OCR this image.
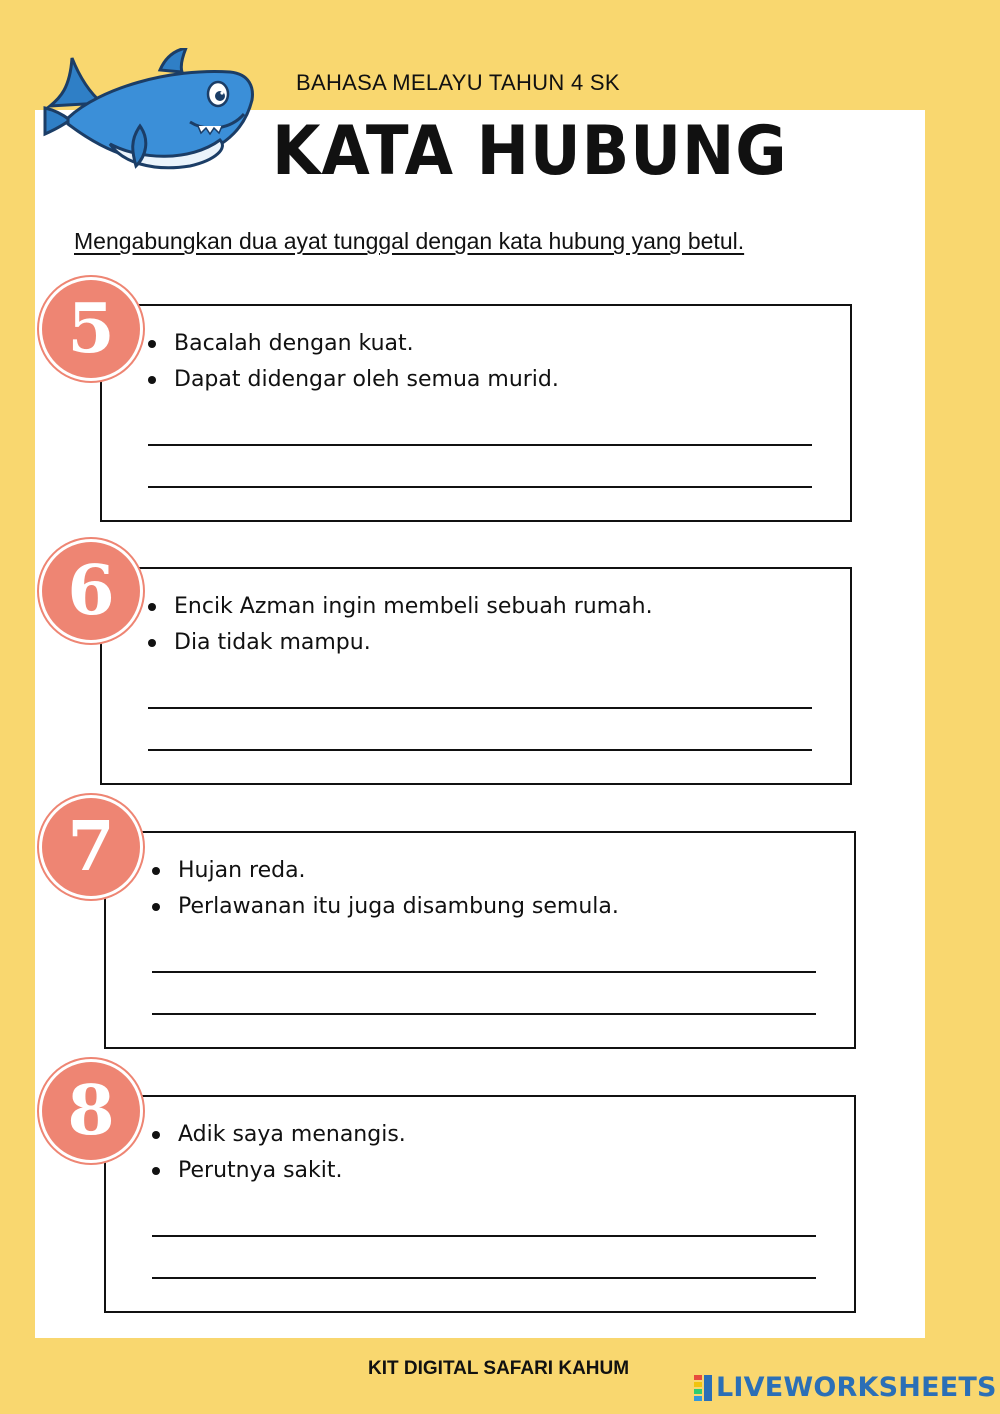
BAHASA MELAYU TAHUN 4 SK
KATA HUBUNG
Mengabungkan dua ayat tunggal dengan kata hubung yang betul.
Bacalah dengan kuat.
Dapat didengar oleh semua murid.
5
Encik Azman ingin membeli sebuah rumah.
Dia tidak mampu.
6
Hujan reda.
Perlawanan itu juga disambung semula.
7
Adik saya menangis.
Perutnya sakit.
8
KIT DIGITAL SAFARI KAHUM
LIVEWORKSHEETS
